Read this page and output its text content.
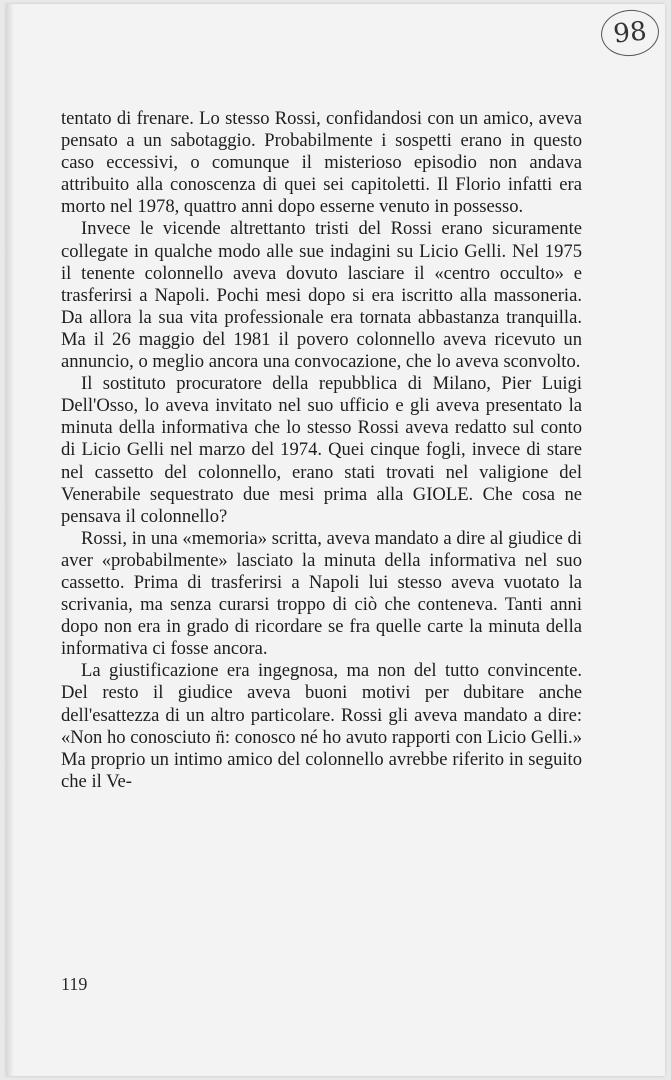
98

tentato di frenare. Lo stesso Rossi, confidandosi con un amico, aveva pensato a un sabotaggio. Probabilmente i sospetti erano in questo caso eccessivi, o comunque il misterioso episodio non andava attribuito alla conoscenza di quei sei capitoletti. Il Florio infatti era morto nel 1978, quattro anni dopo esserne venuto in possesso.

Invece le vicende altrettanto tristi del Rossi erano sicuramente collegate in qualche modo alle sue indagini su Licio Gelli. Nel 1975 il tenente colonnello aveva dovuto lasciare il «centro occulto» e trasferirsi a Napoli. Pochi mesi dopo si era iscritto alla massoneria. Da allora la sua vita professionale era tornata abbastanza tranquilla. Ma il 26 maggio del 1981 il povero colonnello aveva ricevuto un annuncio, o meglio ancora una convocazione, che lo aveva sconvolto.

Il sostituto procuratore della repubblica di Milano, Pier Luigi Dell'Osso, lo aveva invitato nel suo ufficio e gli aveva presentato la minuta della informativa che lo stesso Rossi aveva redatto sul conto di Licio Gelli nel marzo del 1974. Quei cinque fogli, invece di stare nel cassetto del colonnello, erano stati trovati nel valigione del Venerabile sequestrato due mesi prima alla GIOLE. Che cosa ne pensava il colonnello?

Rossi, in una «memoria» scritta, aveva mandato a dire al giudice di aver «probabilmente» lasciato la minuta della informativa nel suo cassetto. Prima di trasferirsi a Napoli lui stesso aveva vuotato la scrivania, ma senza curarsi troppo di ciò che conteneva. Tanti anni dopo non era in grado di ricordare se fra quelle carte la minuta della informativa ci fosse ancora.

La giustificazione era ingegnosa, ma non del tutto convincente. Del resto il giudice aveva buoni motivi per dubitare anche dell'esattezza di un altro particolare. Rossi gli aveva mandato a dire: «Non ho conosciuto n̈: conosco né ho avuto rapporti con Licio Gelli.» Ma proprio un intimo amico del colonnello avrebbe riferito in seguito che il Ve-

119
